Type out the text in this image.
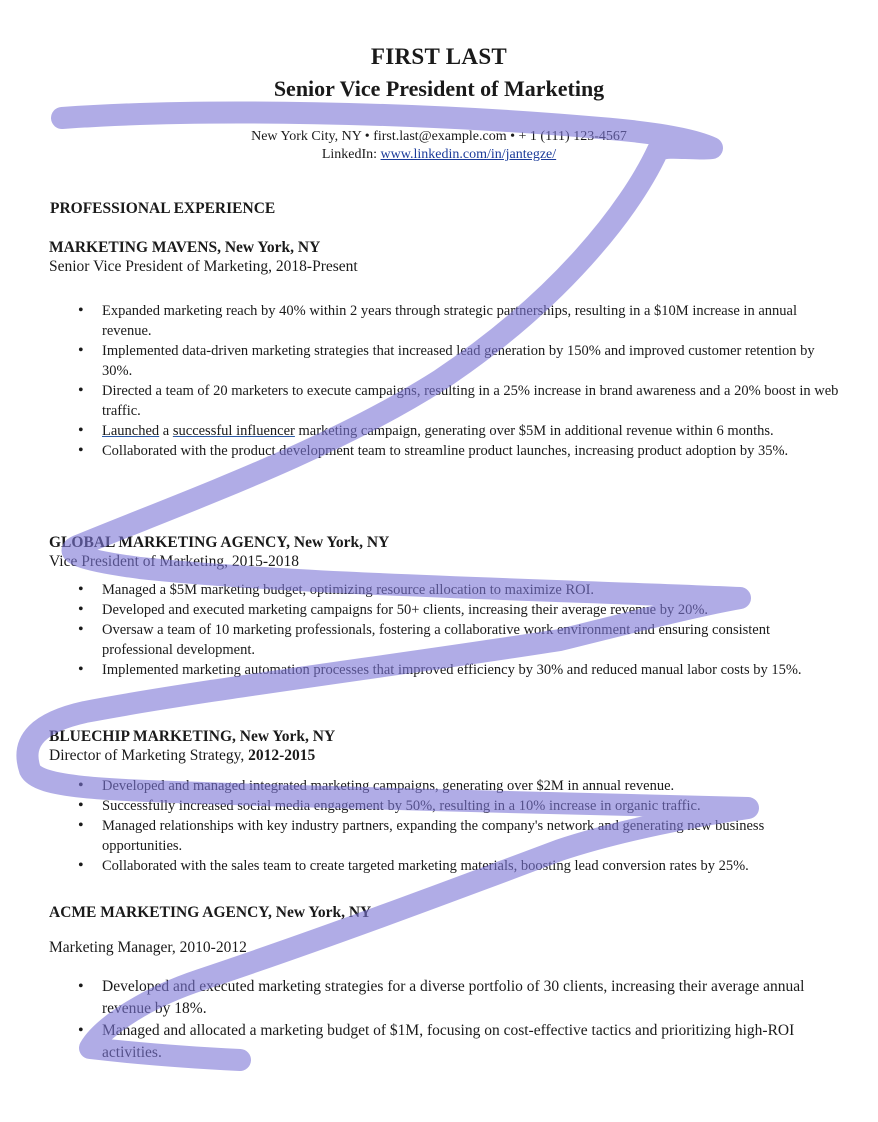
FIRST LAST
Senior Vice President of Marketing
New York City, NY • first.last@example.com • + 1 (111) 123-4567
LinkedIn: www.linkedin.com/in/jantegze/
PROFESSIONAL EXPERIENCE
MARKETING MAVENS, New York, NY
Senior Vice President of Marketing, 2018-Present
• Expanded marketing reach by 40% within 2 years through strategic partnerships, resulting in a $10M increase in annual revenue.
• Implemented data-driven marketing strategies that increased lead generation by 150% and improved customer retention by 30%.
• Directed a team of 20 marketers to execute campaigns, resulting in a 25% increase in brand awareness and a 20% boost in web traffic.
• Launched a successful influencer marketing campaign, generating over $5M in additional revenue within 6 months.
• Collaborated with the product development team to streamline product launches, increasing product adoption by 35%.
GLOBAL MARKETING AGENCY, New York, NY
Vice President of Marketing, 2015-2018
• Managed a $5M marketing budget, optimizing resource allocation to maximize ROI.
• Developed and executed marketing campaigns for 50+ clients, increasing their average revenue by 20%.
• Oversaw a team of 10 marketing professionals, fostering a collaborative work environment and ensuring consistent professional development.
• Implemented marketing automation processes that improved efficiency by 30% and reduced manual labor costs by 15%.
BLUECHIP MARKETING, New York, NY
Director of Marketing Strategy, 2012-2015
• Developed and managed integrated marketing campaigns, generating over $2M in annual revenue.
• Successfully increased social media engagement by 50%, resulting in a 10% increase in organic traffic.
• Managed relationships with key industry partners, expanding the company's network and generating new business opportunities.
• Collaborated with the sales team to create targeted marketing materials, boosting lead conversion rates by 25%.
ACME MARKETING AGENCY, New York, NY
Marketing Manager, 2010-2012
• Developed and executed marketing strategies for a diverse portfolio of 30 clients, increasing their average annual revenue by 18%.
• Managed and allocated a marketing budget of $1M, focusing on cost-effective tactics and prioritizing high-ROI activities.
